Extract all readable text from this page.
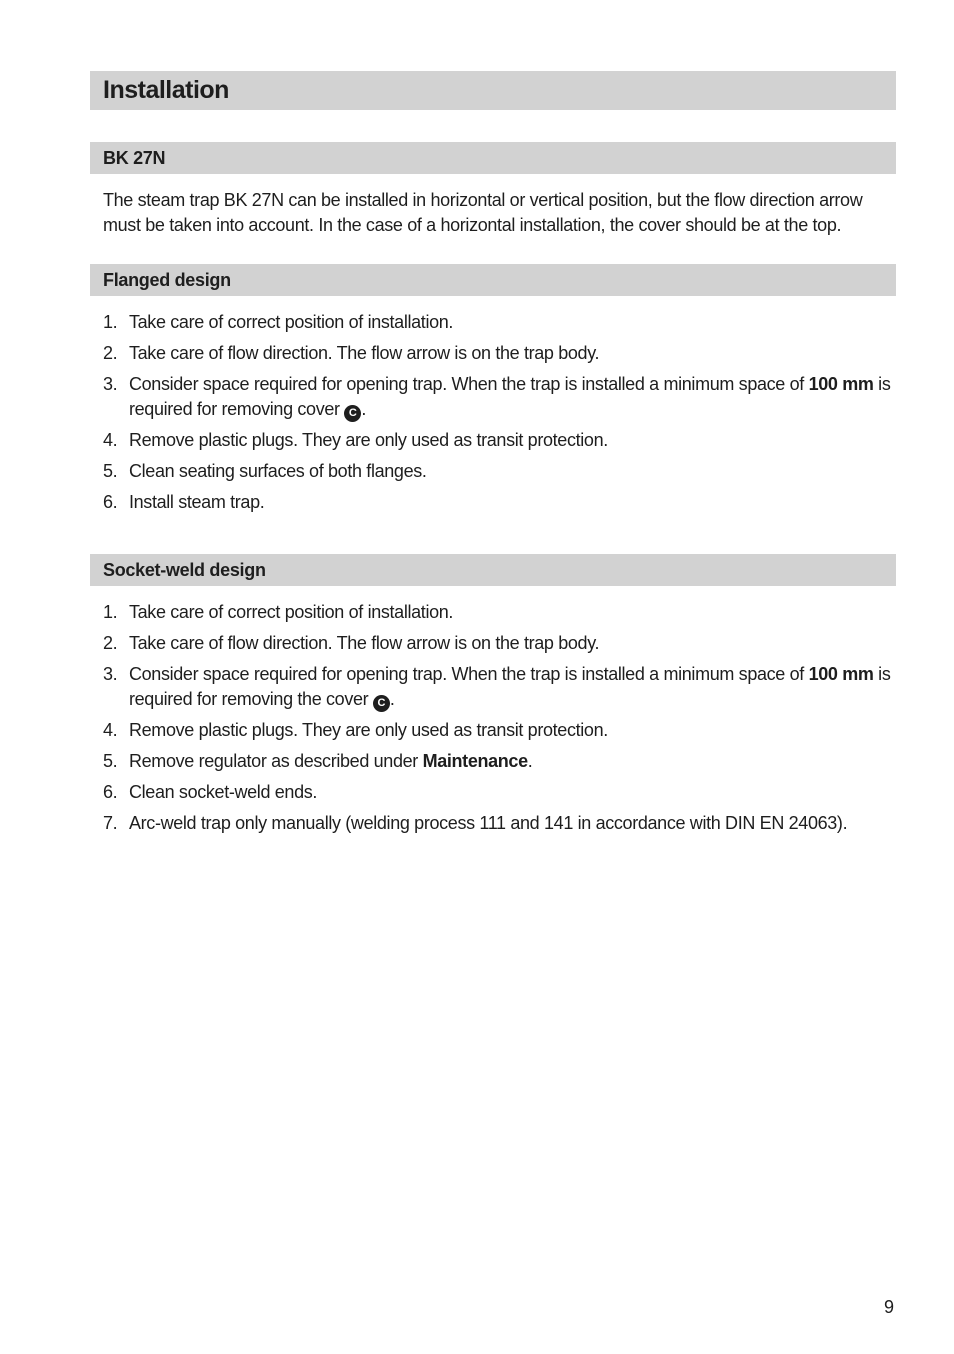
Installation
BK 27N
The steam trap BK 27N can be installed in horizontal or vertical position, but the flow direction arrow must be taken into account. In the case of a horizontal installation, the cover should be at the top.
Flanged design
1. Take care of correct position of installation.
2. Take care of flow direction. The flow arrow is on the trap body.
3. Consider space required for opening trap. When the trap is installed a minimum space of 100 mm is required for removing cover C .
4. Remove plastic plugs. They are only used as transit protection.
5. Clean seating surfaces of both flanges.
6. Install steam trap.
Socket-weld design
1. Take care of correct position of installation.
2. Take care of flow direction. The flow arrow is on the trap body.
3. Consider space required for opening trap. When the trap is installed a minimum space of 100 mm is required for removing the cover C .
4. Remove plastic plugs. They are only used as transit protection.
5. Remove regulator as described under Maintenance.
6. Clean socket-weld ends.
7. Arc-weld trap only manually (welding process 111 and 141 in accordance with DIN EN 24063).
9
